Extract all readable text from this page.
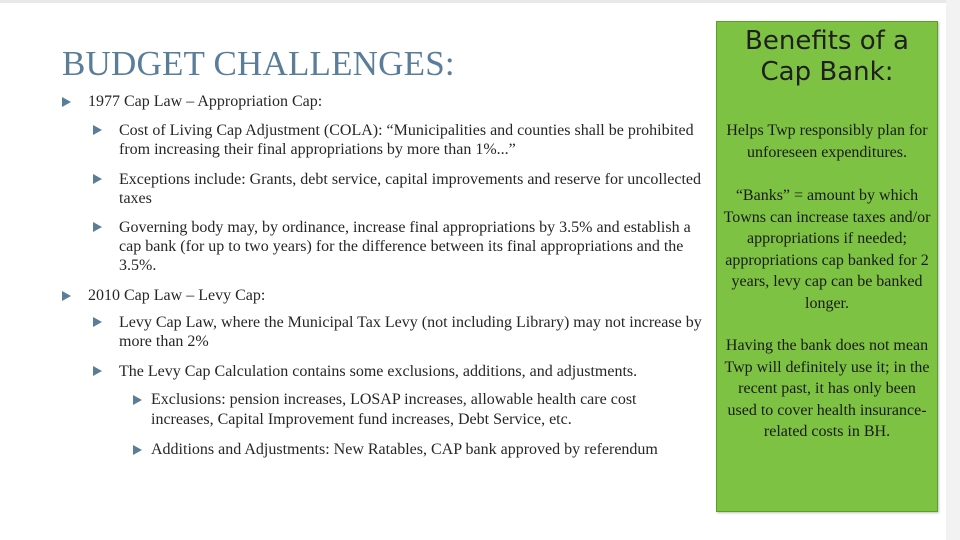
BUDGET CHALLENGES:
1977 Cap Law – Appropriation Cap:
Cost of Living Cap Adjustment (COLA): “Municipalities and counties shall be prohibited from increasing their final appropriations by more than 1%...”
Exceptions include: Grants, debt service, capital improvements and reserve for uncollected taxes
Governing body may, by ordinance, increase final appropriations by 3.5% and establish a cap bank (for up to two years) for the difference between its final appropriations and the 3.5%.
2010 Cap Law – Levy Cap:
Levy Cap Law, where the Municipal Tax Levy (not including Library) may not increase by more than 2%
The Levy Cap Calculation contains some exclusions, additions, and adjustments.
Exclusions: pension increases, LOSAP increases, allowable health care cost increases, Capital Improvement fund increases, Debt Service, etc.
Additions and Adjustments: New Ratables, CAP bank approved by referendum
Benefits of a
Cap Bank:

Helps Twp responsibly plan for unforeseen expenditures.

“Banks” = amount by which Towns can increase taxes and/or appropriations if needed; appropriations cap banked for 2 years, levy cap can be banked longer.

Having the bank does not mean Twp will definitely use it; in the recent past, it has only been used to cover health insurance-related costs in BH.
